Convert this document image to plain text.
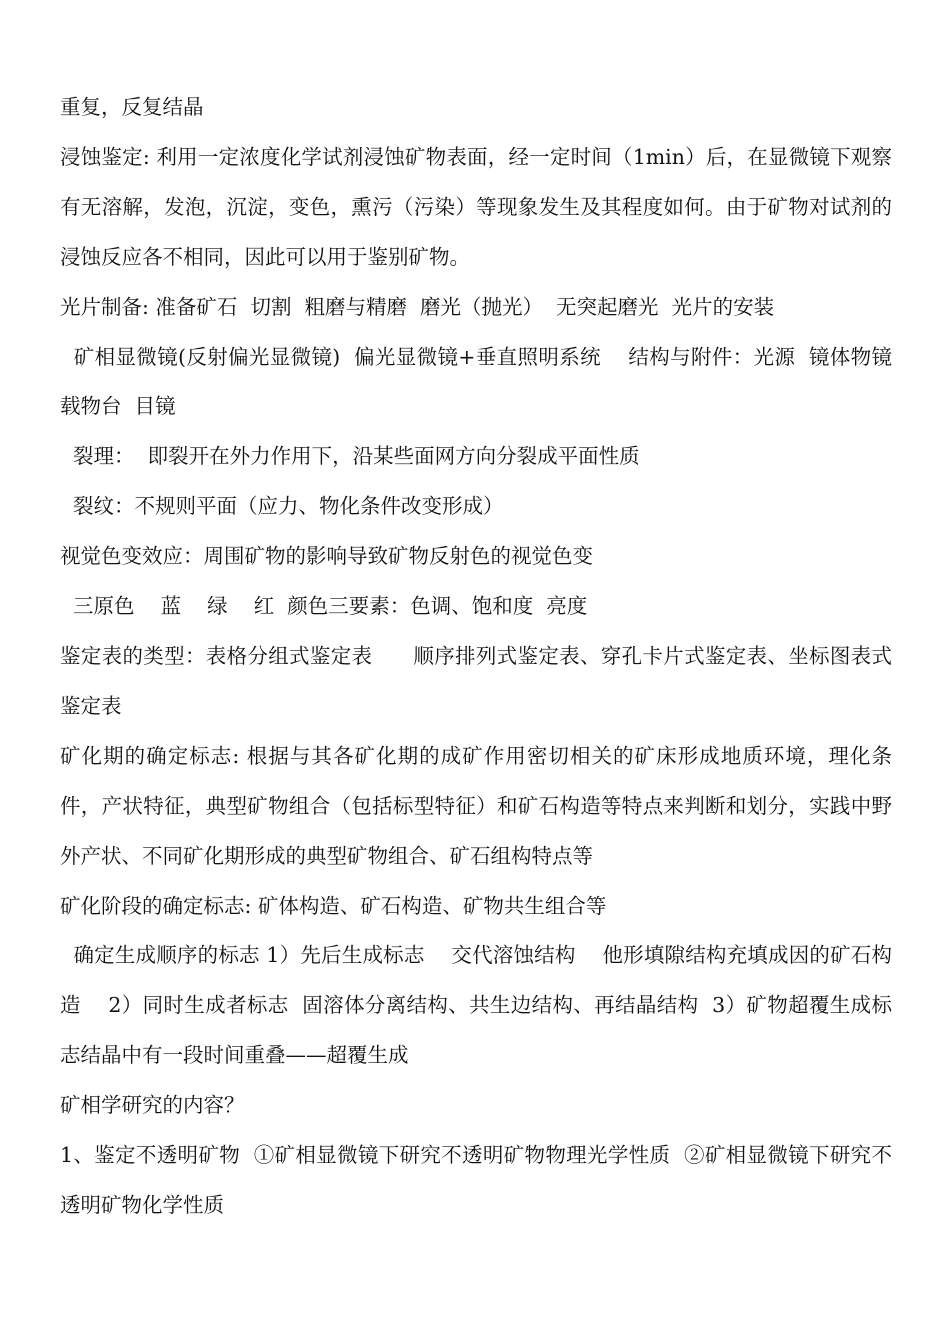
重复，反复结晶

浸蚀鉴定: 利用一定浓度化学试剂浸蚀矿物表面，经一定时间（1min）后，在显微镜下观察有无溶解，发泡，沉淀，变色，熏污（污染）等现象发生及其程度如何。由于矿物对试剂的浸蚀反应各不相同，因此可以用于鉴别矿物。

光片制备: 准备矿石  切割  粗磨与精磨  磨光（抛光）  无突起磨光  光片的安装

矿相显微镜(反射偏光显微镜)  偏光显微镜+垂直照明系统    结构与附件：光源  镜体物镜  载物台  目镜

裂理：  即裂开在外力作用下，沿某些面网方向分裂成平面性质

裂纹：不规则平面（应力、物化条件改变形成）

视觉色变效应：周围矿物的影响导致矿物反射色的视觉色变

三原色    蓝    绿    红  颜色三要素：色调、饱和度  亮度

鉴定表的类型：表格分组式鉴定表      顺序排列式鉴定表、穿孔卡片式鉴定表、坐标图表式鉴定表

矿化期的确定标志: 根据与其各矿化期的成矿作用密切相关的矿床形成地质环境，理化条件，产状特征，典型矿物组合（包括标型特征）和矿石构造等特点来判断和划分，实践中野外产状、不同矿化期形成的典型矿物组合、矿石组构特点等

矿化阶段的确定标志: 矿体构造、矿石构造、矿物共生组合等

确定生成顺序的标志 1）先后生成标志    交代溶蚀结构    他形填隙结构充填成因的矿石构造    2）同时生成者标志  固溶体分离结构、共生边结构、再结晶结构  3）矿物超覆生成标志结晶中有一段时间重叠——超覆生成

矿相学研究的内容？

1、鉴定不透明矿物  ①矿相显微镜下研究不透明矿物物理光学性质  ②矿相显微镜下研究不透明矿物化学性质
